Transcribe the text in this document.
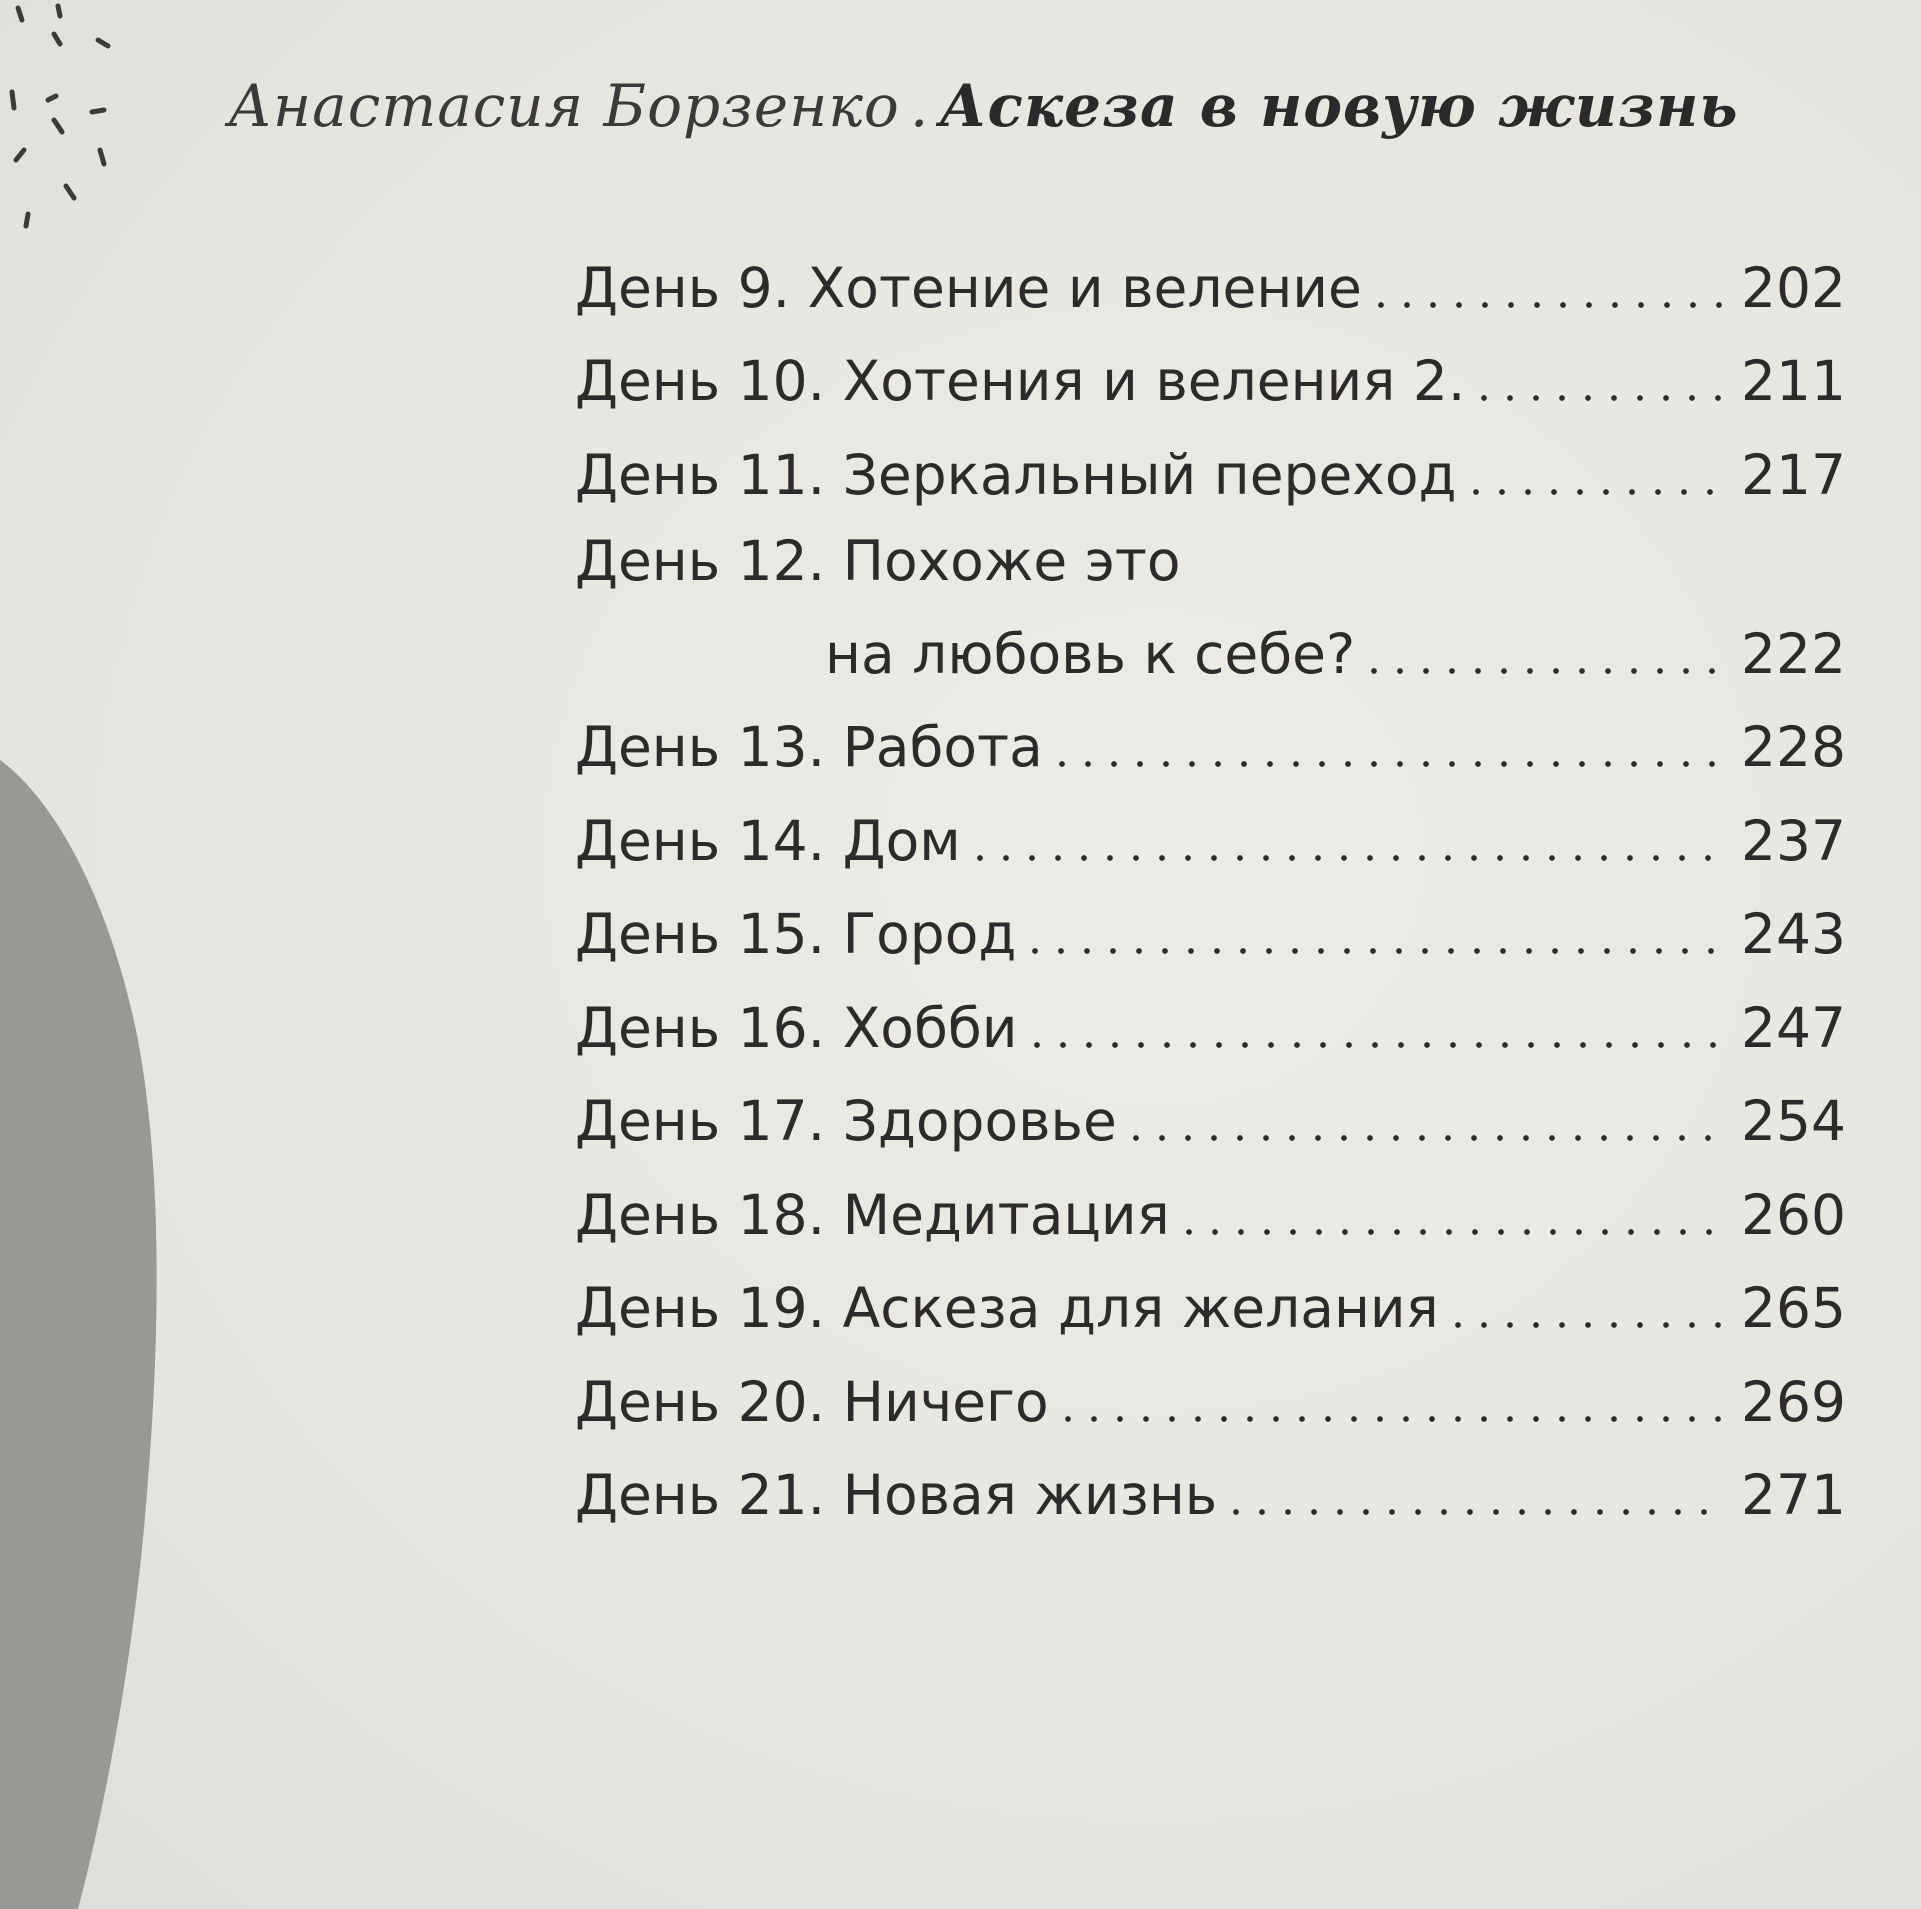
Анастасия Борзенко . Аскеза в новую жизнь
День 9. Хотение и веление	202
День 10. Хотения и веления 2.	211
День 11. Зеркальный переход	217
День 12. Похоже это
на любовь к себе?	222
День 13. Работа	228
День 14. Дом	237
День 15. Город	243
День 16. Хобби	247
День 17. Здоровье	254
День 18. Медитация	260
День 19. Аскеза для желания	265
День 20. Ничего	269
День 21. Новая жизнь	271
